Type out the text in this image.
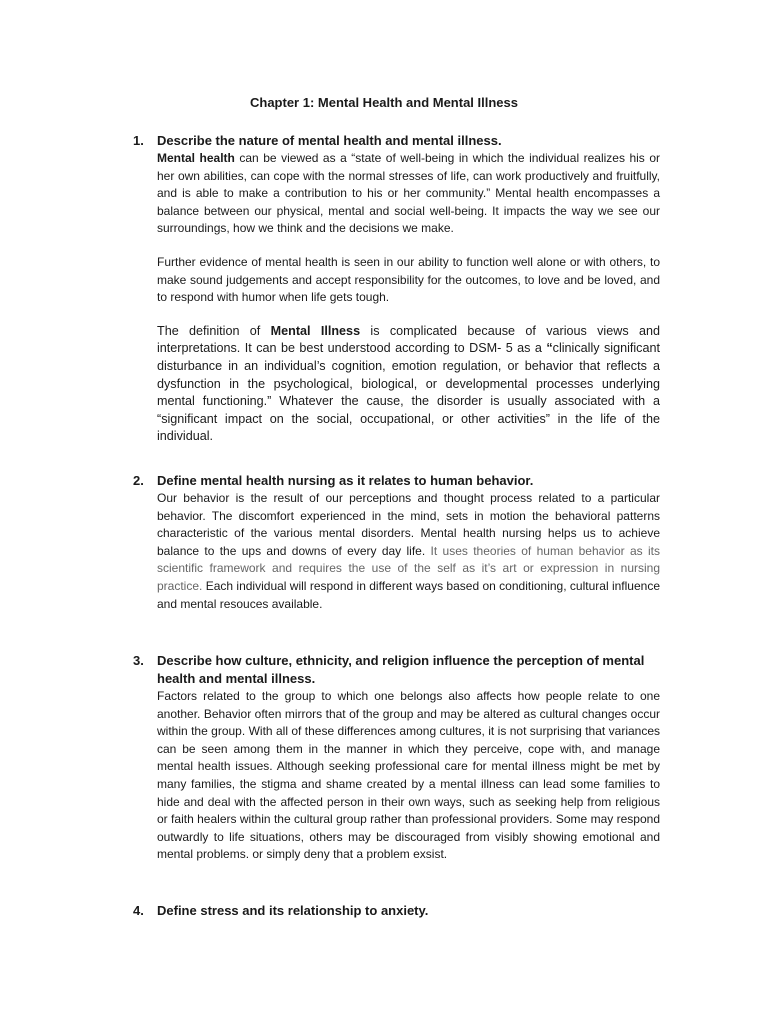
Chapter 1: Mental Health and Mental Illness
1. Describe the nature of mental health and mental illness.

Mental health can be viewed as a “state of well-being in which the individual realizes his or her own abilities, can cope with the normal stresses of life, can work productively and fruitfully, and is able to make a contribution to his or her community.” Mental health encompasses a balance between our physical, mental and social well-being. It impacts the way we see our surroundings, how we think and the decisions we make.

Further evidence of mental health is seen in our ability to function well alone or with others, to make sound judgements and accept responsibility for the outcomes, to love and be loved, and to respond with humor when life gets tough.

The definition of Mental Illness is complicated because of various views and interpretations. It can be best understood according to DSM- 5 as a “clinically significant disturbance in an individual’s cognition, emotion regulation, or behavior that reflects a dysfunction in the psychological, biological, or developmental processes underlying mental functioning.” Whatever the cause, the disorder is usually associated with a “significant impact on the social, occupational, or other activities” in the life of the individual.

2. Define mental health nursing as it relates to human behavior.

Our behavior is the result of our perceptions and thought process related to a particular behavior. The discomfort experienced in the mind, sets in motion the behavioral patterns characteristic of the various mental disorders. Mental health nursing helps us to achieve balance to the ups and downs of every day life. It uses theories of human behavior as its scientific framework and requires the use of the self as it’s art or expression in nursing practice. Each individual will respond in different ways based on conditioning, cultural influence and mental resouces available.

3. Describe how culture, ethnicity, and religion influence the perception of mental health and mental illness.

Factors related to the group to which one belongs also affects how people relate to one another. Behavior often mirrors that of the group and may be altered as cultural changes occur within the group. With all of these differences among cultures, it is not surprising that variances can be seen among them in the manner in which they perceive, cope with, and manage mental health issues. Although seeking professional care for mental illness might be met by many families, the stigma and shame created by a mental illness can lead some families to hide and deal with the affected person in their own ways, such as seeking help from religious or faith healers within the cultural group rather than professional providers. Some may respond outwardly to life situations, others may be discouraged from visibly showing emotional and mental problems. or simply deny that a problem exsist.

4. Define stress and its relationship to anxiety.
